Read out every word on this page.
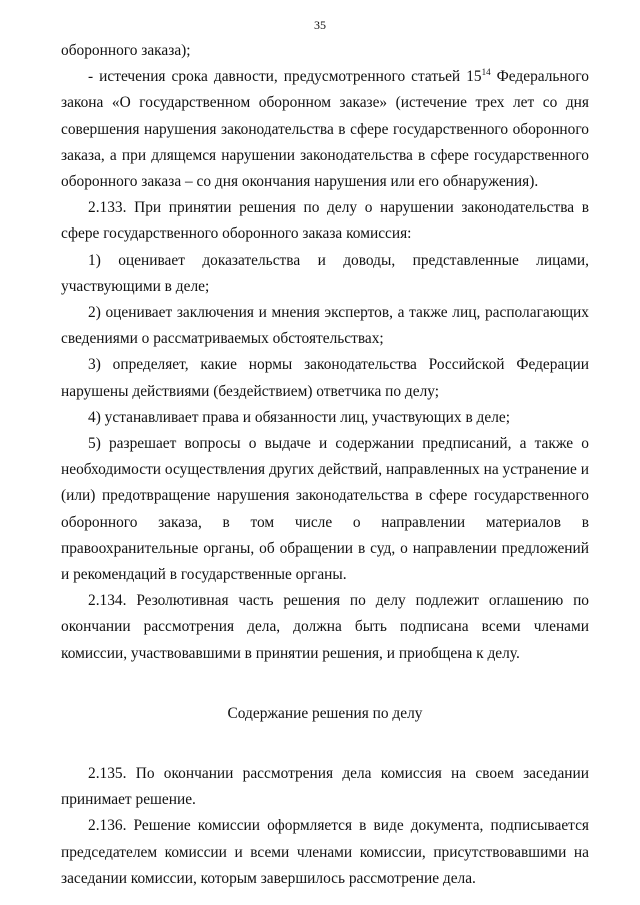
35

оборонного заказа);

- истечения срока давности, предусмотренного статьей $15^{14}$ Федерального закона «О государственном оборонном заказе» (истечение трех лет со дня совершения нарушения законодательства в сфере государственного оборонного заказа, а при длящемся нарушении законодательства в сфере государственного оборонного заказа – со дня окончания нарушения или его обнаружения).

2.133. При принятии решения по делу о нарушении законодательства в сфере государственного оборонного заказа комиссия:

1) оценивает доказательства и доводы, представленные лицами, участвующими в деле;

2) оценивает заключения и мнения экспертов, а также лиц, располагающих сведениями о рассматриваемых обстоятельствах;

3) определяет, какие нормы законодательства Российской Федерации нарушены действиями (бездействием) ответчика по делу;

4) устанавливает права и обязанности лиц, участвующих в деле;

5) разрешает вопросы о выдаче и содержании предписаний, а также о необходимости осуществления других действий, направленных на устранение и (или) предотвращение нарушения законодательства в сфере государственного оборонного заказа, в том числе о направлении материалов в правоохранительные органы, об обращении в суд, о направлении предложений и рекомендаций в государственные органы.

2.134. Резолютивная часть решения по делу подлежит оглашению по окончании рассмотрения дела, должна быть подписана всеми членами комиссии, участвовавшими в принятии решения, и приобщена к делу.

Содержание решения по делу

2.135. По окончании рассмотрения дела комиссия на своем заседании принимает решение.

2.136. Решение комиссии оформляется в виде документа, подписывается председателем комиссии и всеми членами комиссии, присутствовавшими на заседании комиссии, которым завершилось рассмотрение дела.
